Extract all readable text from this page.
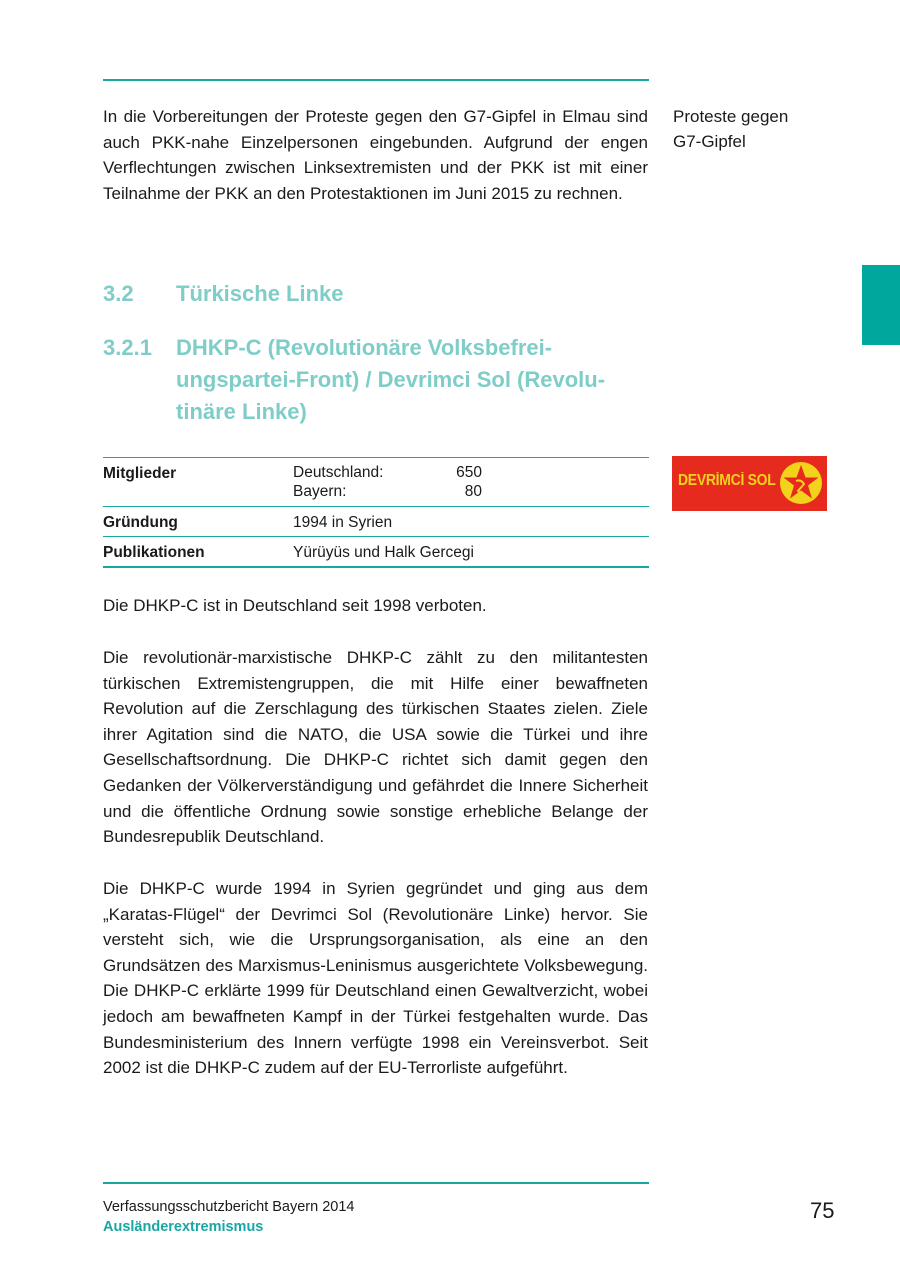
In die Vorbereitungen der Proteste gegen den G7-Gipfel in Elmau sind auch PKK-nahe Einzelpersonen eingebunden. Aufgrund der engen Verflechtungen zwischen Linksextremisten und der PKK ist mit einer Teilnahme der PKK an den Protestaktionen im Juni 2015 zu rechnen.

Proteste gegen
G7-Gipfel
3.2 Türkische Linke
3.2.1 DHKP-C (Revolutionäre Volksbefrei-
ungspartei-Front) / Devrimci Sol (Revolu-
tinäre Linke)
Mitglieder	Deutschland:	650
Bayern:	80
Gründung	1994 in Syrien
Publikationen	Yürüyüs und Halk Gercegi
DEVRİMCİ SOL

Die DHKP-C ist in Deutschland seit 1998 verboten.

Die revolutionär-marxistische DHKP-C zählt zu den militantesten türkischen Extremistengruppen, die mit Hilfe einer bewaffneten Revolution auf die Zerschlagung des türkischen Staates zielen. Ziele ihrer Agitation sind die NATO, die USA sowie die Türkei und ihre Gesellschaftsordnung. Die DHKP-C richtet sich damit gegen den Gedanken der Völkerverständigung und gefährdet die Innere Sicherheit und die öffentliche Ordnung sowie sonstige erhebliche Belange der Bundesrepublik Deutschland.

Die DHKP-C wurde 1994 in Syrien gegründet und ging aus dem „Karatas-Flügel“ der Devrimci Sol (Revolutionäre Linke) hervor. Sie versteht sich, wie die Ursprungsorganisation, als eine an den Grundsätzen des Marxismus-Leninismus ausgerichtete Volksbewegung. Die DHKP-C erklärte 1999 für Deutschland einen Gewaltverzicht, wobei jedoch am bewaffneten Kampf in der Türkei festgehalten wurde. Das Bundesministerium des Innern verfügte 1998 ein Vereinsverbot. Seit 2002 ist die DHKP-C zudem auf der EU-Terrorliste aufgeführt.

Verfassungsschutzbericht Bayern 2014
Ausländerextremismus
75
